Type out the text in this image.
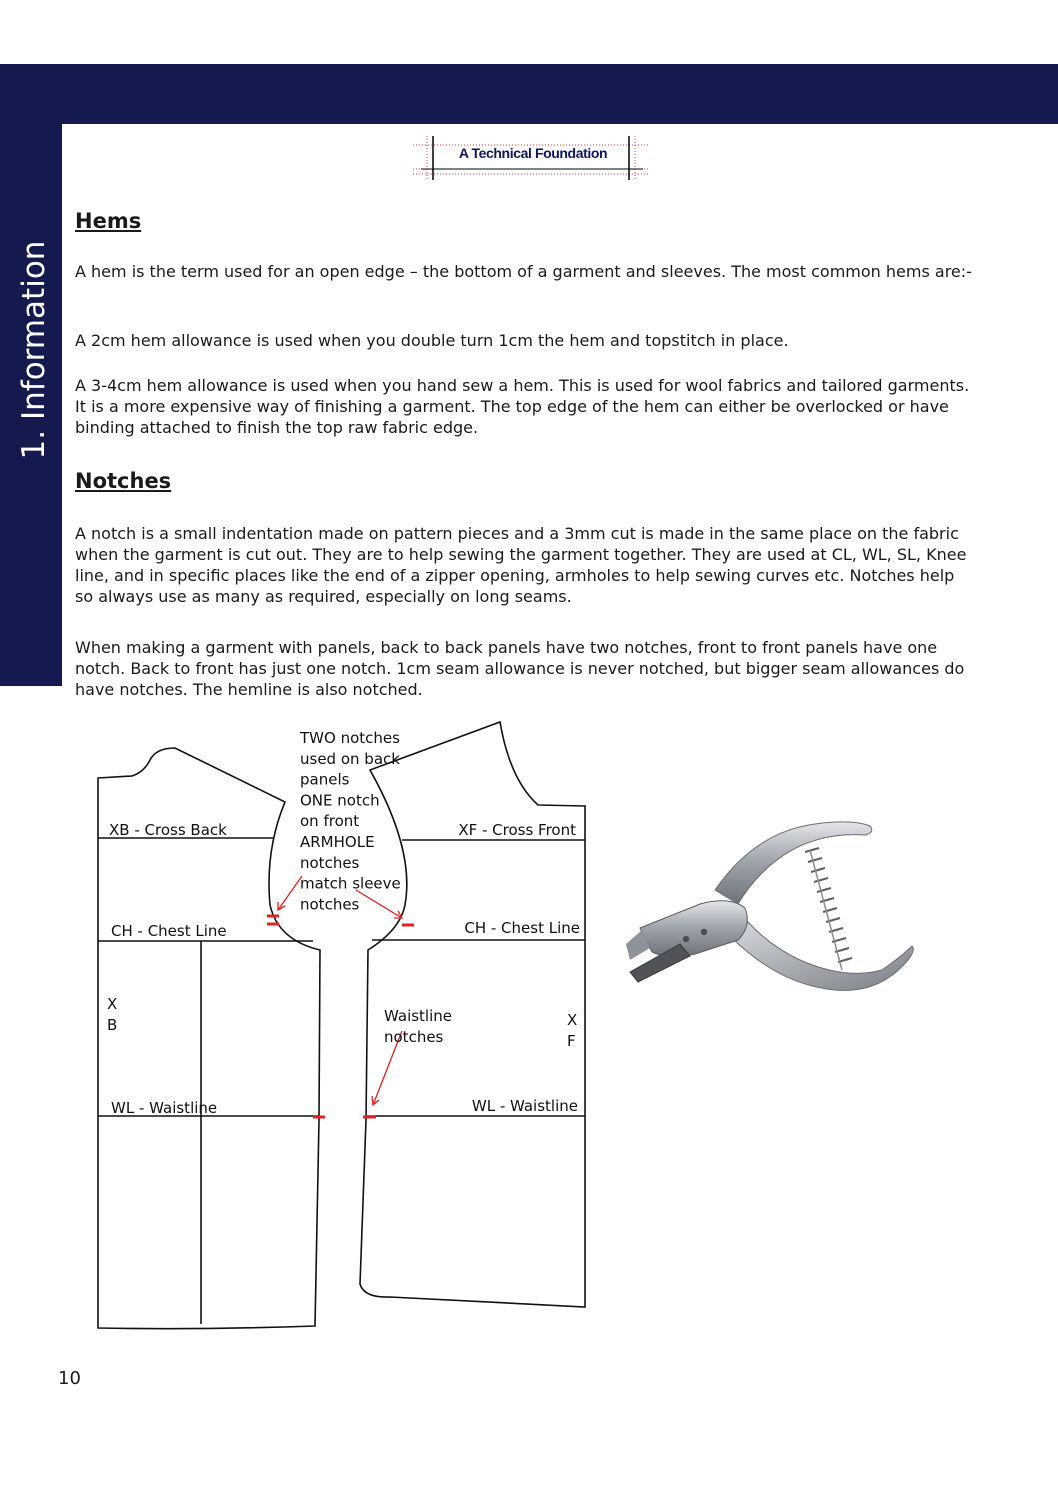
1. Information
A Technical Foundation
Hems

A hem is the term used for an open edge – the bottom of a garment and sleeves. The most common hems are:-

A 2cm hem allowance is used when you double turn 1cm the hem and topstitch in place.

A 3-4cm hem allowance is used when you hand sew a hem. This is used for wool fabrics and tailored garments. It is a more expensive way of finishing a garment. The top edge of the hem can either be overlocked or have binding attached to finish the top raw fabric edge.

Notches

A notch is a small indentation made on pattern pieces and a 3mm cut is made in the same place on the fabric when the garment is cut out. They are to help sewing the garment together. They are used at CL, WL, SL, Knee line, and in specific places like the end of a zipper opening, armholes to help sewing curves etc. Notches help so always use as many as required, especially on long seams.

When making a garment with panels, back to back panels have two notches, front to front panels have one notch. Back to front has just one notch. 1cm seam allowance is never notched, but bigger seam allowances do have notches. The hemline is also notched.

XB - Cross Back	XF - Cross Front
CH - Chest Line	CH - Chest Line
WL - Waistline	WL - Waistline
X
B	X
F
TWO notches
used on back
panels
ONE notch
on front
ARMHOLE
notches
match sleeve
notches
Waistline
notches
10
